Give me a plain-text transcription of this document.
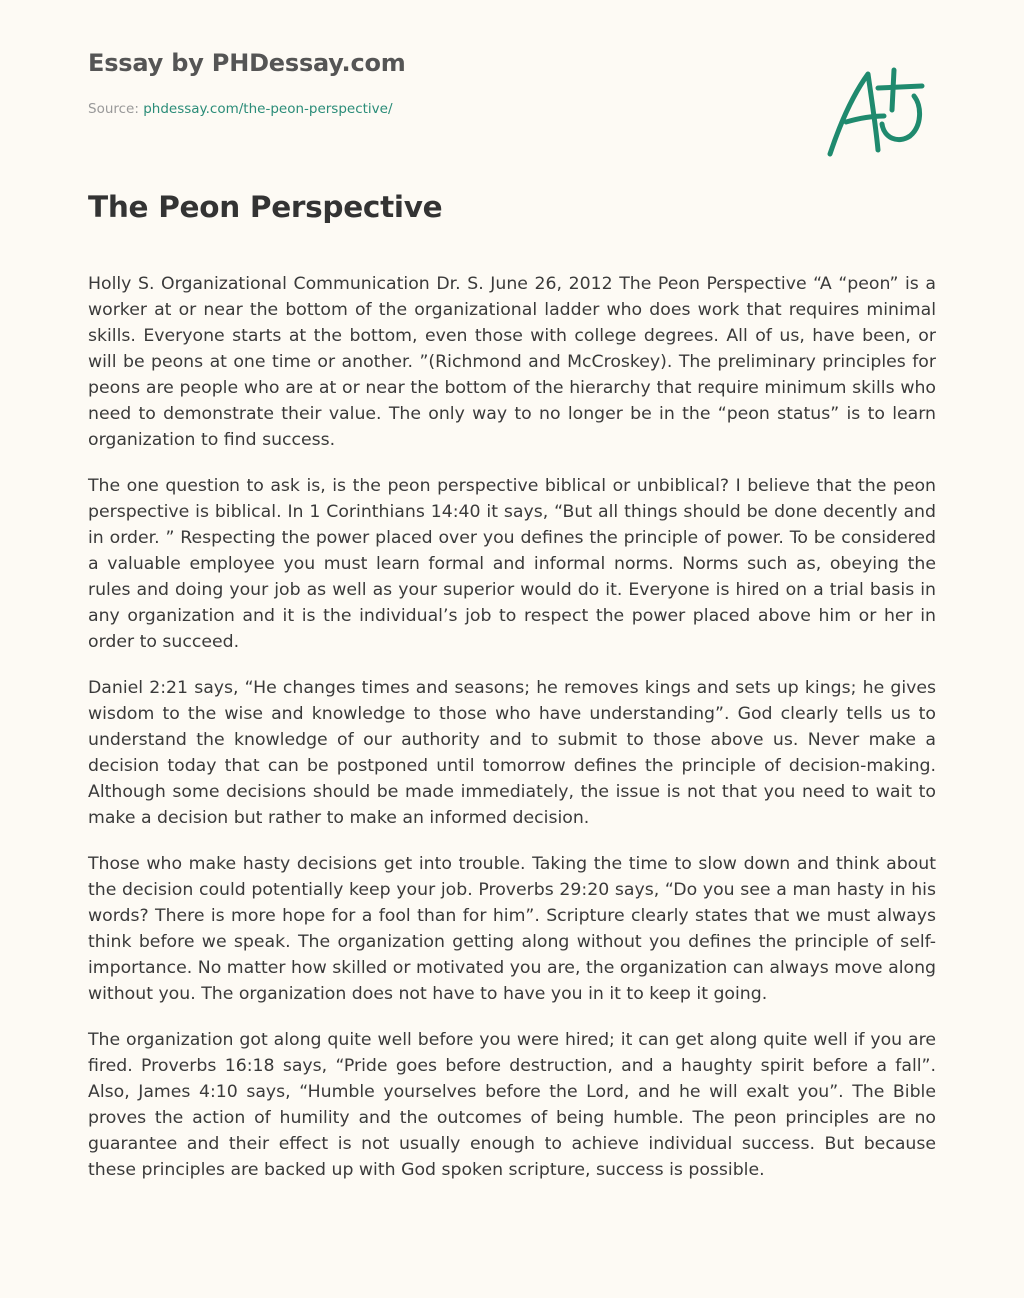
Essay by PHDessay.com
Source: phdessay.com/the-peon-perspective/
The Peon Perspective

Holly S. Organizational Communication Dr. S. June 26, 2012 The Peon Perspective “A “peon” is a worker at or near the bottom of the organizational ladder who does work that requires minimal skills. Everyone starts at the bottom, even those with college degrees. All of us, have been, or will be peons at one time or another. ”(Richmond and McCroskey). The preliminary principles for peons are people who are at or near the bottom of the hierarchy that require minimum skills who need to demonstrate their value. The only way to no longer be in the “peon status” is to learn organization to find success.

The one question to ask is, is the peon perspective biblical or unbiblical? I believe that the peon perspective is biblical. In 1 Corinthians 14:40 it says, “But all things should be done decently and in order. ” Respecting the power placed over you defines the principle of power. To be considered a valuable employee you must learn formal and informal norms. Norms such as, obeying the rules and doing your job as well as your superior would do it. Everyone is hired on a trial basis in any organization and it is the individual’s job to respect the power placed above him or her in order to succeed.

Daniel 2:21 says, “He changes times and seasons; he removes kings and sets up kings; he gives wisdom to the wise and knowledge to those who have understanding”. God clearly tells us to understand the knowledge of our authority and to submit to those above us. Never make a decision today that can be postponed until tomorrow defines the principle of decision-making. Although some decisions should be made immediately, the issue is not that you need to wait to make a decision but rather to make an informed decision.

Those who make hasty decisions get into trouble. Taking the time to slow down and think about the decision could potentially keep your job. Proverbs 29:20 says, “Do you see a man hasty in his words? There is more hope for a fool than for him”. Scripture clearly states that we must always think before we speak. The organization getting along without you defines the principle of self-importance. No matter how skilled or motivated you are, the organization can always move along without you. The organization does not have to have you in it to keep it going.

The organization got along quite well before you were hired; it can get along quite well if you are fired. Proverbs 16:18 says, “Pride goes before destruction, and a haughty spirit before a fall”. Also, James 4:10 says, “Humble yourselves before the Lord, and he will exalt you”. The Bible proves the action of humility and the outcomes of being humble. The peon principles are no guarantee and their effect is not usually enough to achieve individual success. But because these principles are backed up with God spoken scripture, success is possible.
